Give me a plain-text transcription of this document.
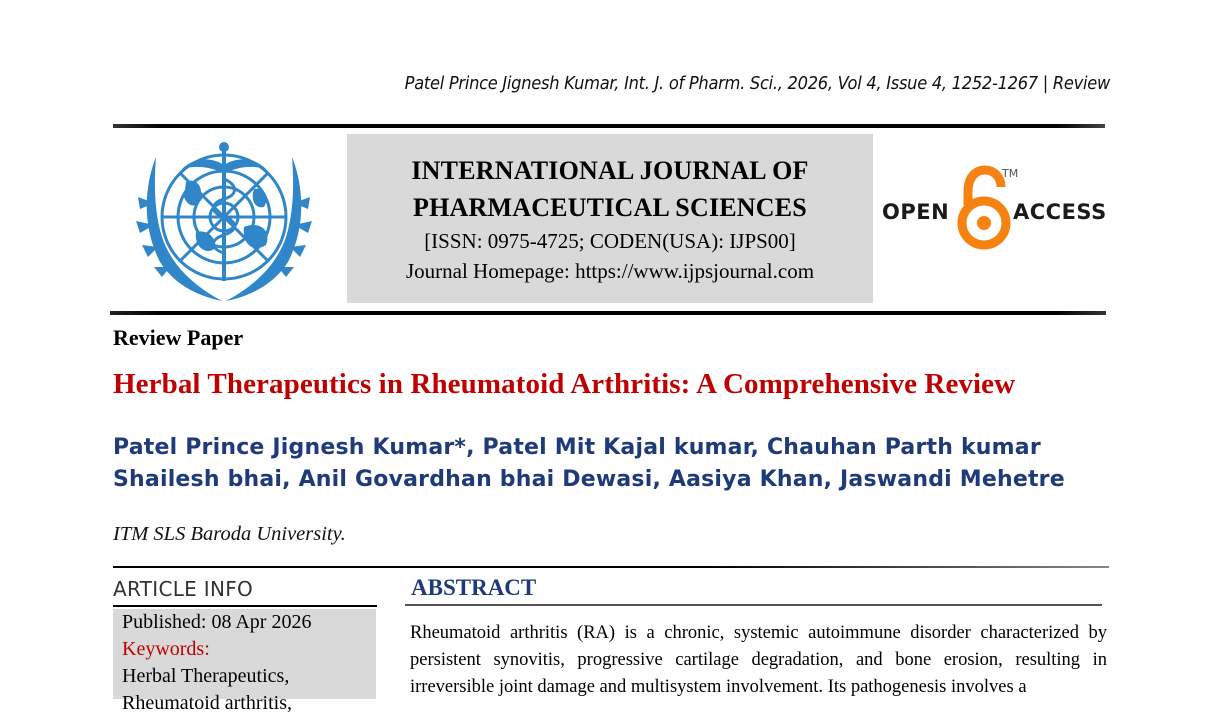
Patel Prince Jignesh Kumar, Int. J. of Pharm. Sci., 2026, Vol 4, Issue 4, 1252-1267 | Review
INTERNATIONAL JOURNAL OF
PHARMACEUTICAL SCIENCES
[ISSN: 0975-4725; CODEN(USA): IJPS00]
Journal Homepage: https://www.ijpsjournal.com
OPEN
TM
ACCESS
Review Paper
Herbal Therapeutics in Rheumatoid Arthritis: A Comprehensive Review
Patel Prince Jignesh Kumar*, Patel Mit Kajal kumar, Chauhan Parth kumar
Shailesh bhai, Anil Govardhan bhai Dewasi, Aasiya Khan, Jaswandi Mehetre
ITM SLS Baroda University.
ARTICLE INFO
Published: 08 Apr 2026
Keywords:
Herbal Therapeutics,
Rheumatoid arthritis,
ABSTRACT

Rheumatoid arthritis (RA) is a chronic, systemic autoimmune disorder characterized by persistent synovitis, progressive cartilage degradation, and bone erosion, resulting in irreversible joint damage and multisystem involvement. Its pathogenesis involves a
